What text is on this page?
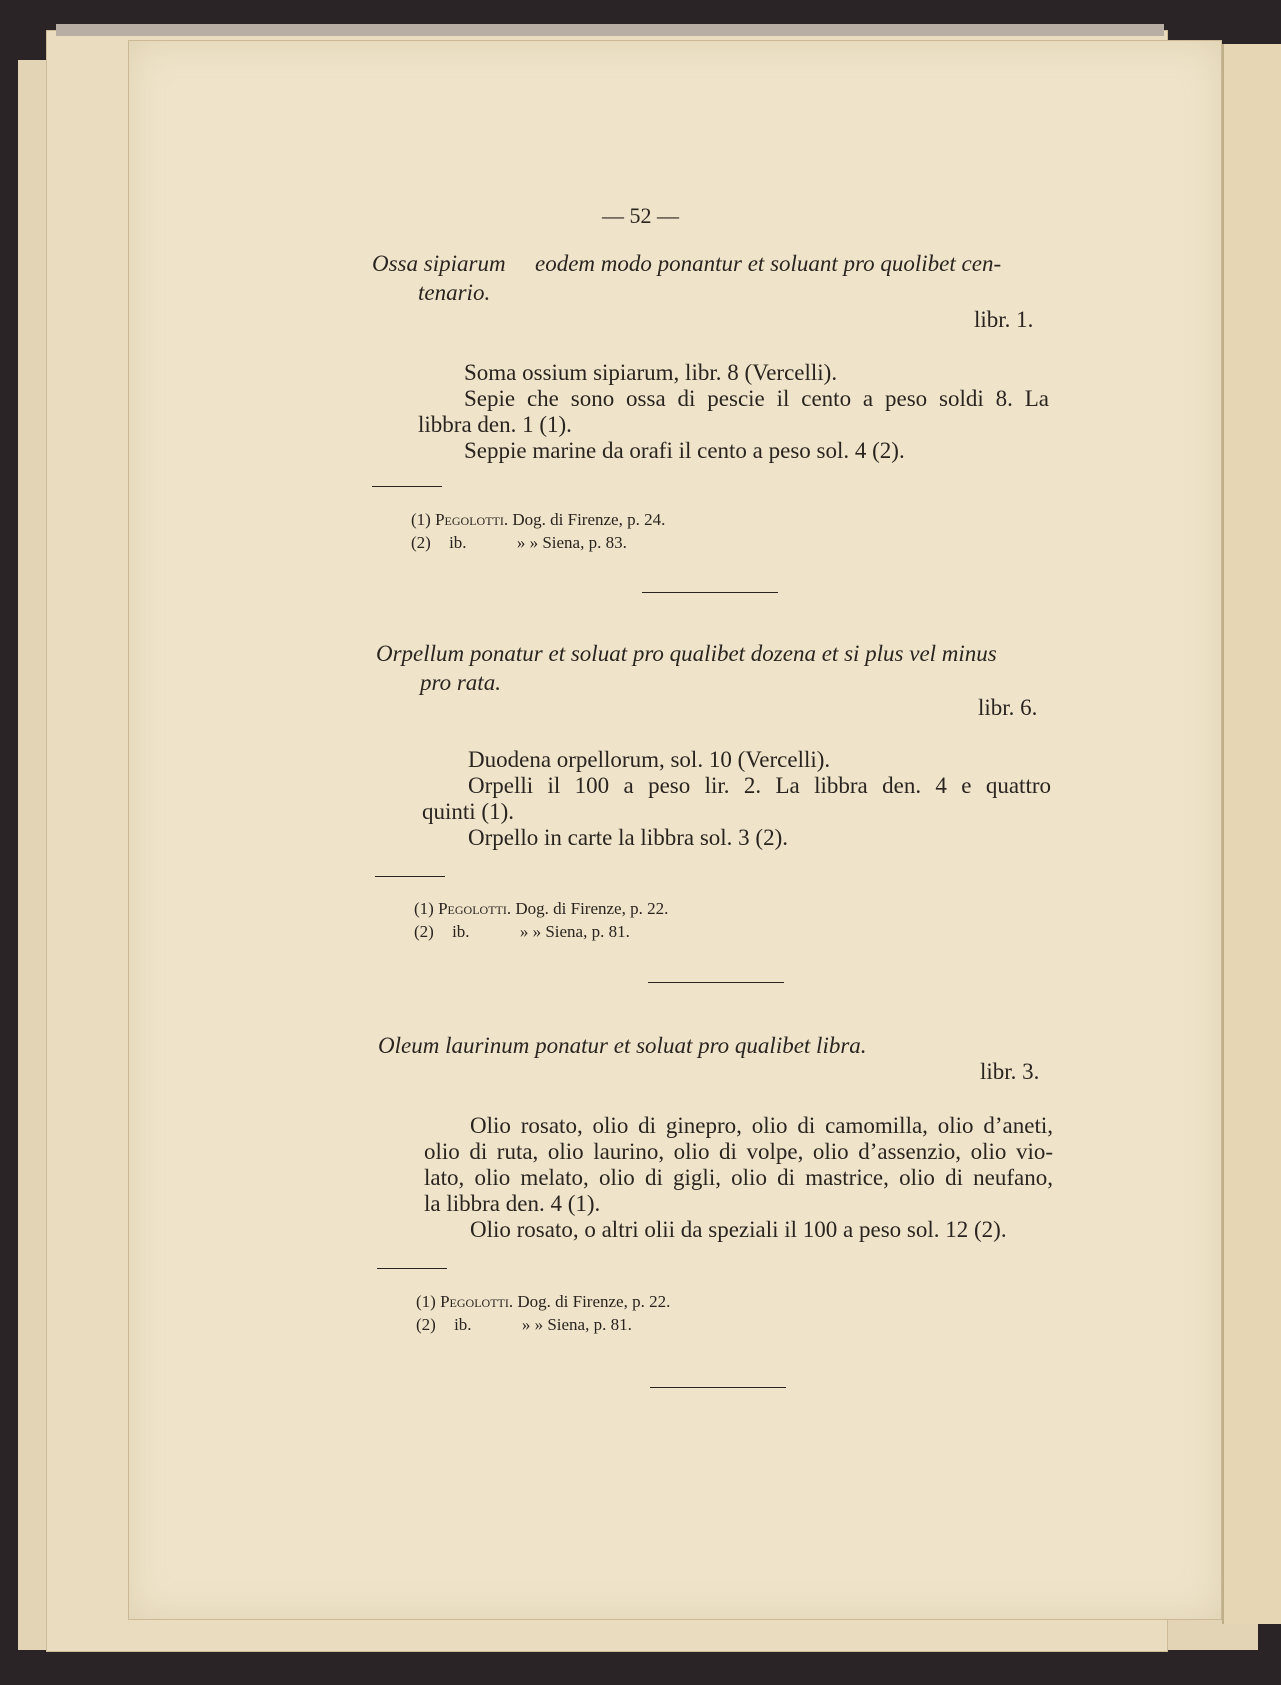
— 52 —
Ossa sipiarum eodem modo ponantur et soluant pro quolibet cen-
tenario.
libr. 1.
Soma ossium sipiarum, libr. 8 (Vercelli).
Sepie che sono ossa di pescie il cento a peso soldi 8. La
libbra den. 1 (1).
Seppie marine da orafi il cento a peso sol. 4 (2).
(1) Pegolotti. Dog. di Firenze, p. 24.
(2) ib.	» » Siena, p. 83.
Orpellum ponatur et soluat pro qualibet dozena et si plus vel minus
pro rata.
libr. 6.
Duodena orpellorum, sol. 10 (Vercelli).
Orpelli il 100 a peso lir. 2. La libbra den. 4 e quattro
quinti (1).
Orpello in carte la libbra sol. 3 (2).
(1) Pegolotti. Dog. di Firenze, p. 22.
(2) ib.	» » Siena, p. 81.
Oleum laurinum ponatur et soluat pro qualibet libra.
libr. 3.
Olio rosato, olio di ginepro, olio di camomilla, olio d’aneti,
olio di ruta, olio laurino, olio di volpe, olio d’assenzio, olio vio-
lato, olio melato, olio di gigli, olio di mastrice, olio di neufano,
la libbra den. 4 (1).
Olio rosato, o altri olii da speziali il 100 a peso sol. 12 (2).
(1) Pegolotti. Dog. di Firenze, p. 22.
(2) ib.	» » Siena, p. 81.
